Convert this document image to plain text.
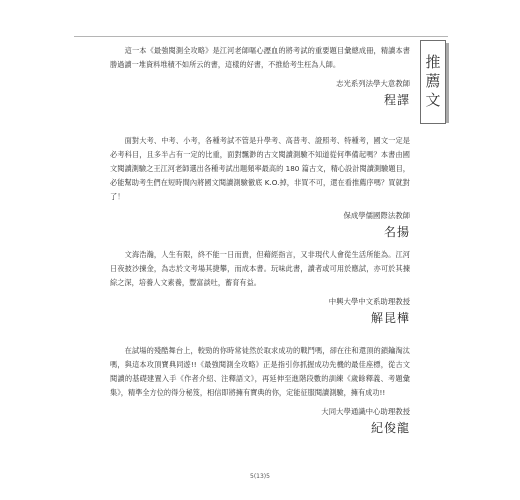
推薦文

　　這一本《最強閱測全攻略》是江河老師嘔心瀝血的將考試的重要題目彙總成冊，精讀本書勝過讀一堆資料堆積不如所云的書，這樣的好書，不推給考生枉為人師。

志光系列法學大意教師
程譯

　　面對大考、中考、小考，各種考試不管是升學考、高普考、證照考、特種考，國文一定是必考科目，且多半占有一定的比重，面對飄渺的古文閱讀測驗不知道從何準備起嗎？本書由國文閱讀測驗之王江河老師選出各種考試出題頻率最高的 180 篇古文，精心設計閱讀測驗題目，必能幫助考生們在短時間內將國文閱讀測驗徹底 K.O.掉，非買不可，還在看推薦序嗎？買就對了！

保成學儒國際法教師
名揚

　　文海浩瀚，人生有限，終不能一日而貴，但藉經指言，又非現代人會從生活所能為。江河日夜披沙揀金，為志於文考場其捷攀，而成本書。玩味此書，讀者或可用於應試，亦可於其揀綜之深，培養人文素養，豐富談吐，蓄育有益。

中興大學中文系助理教授
解昆樺

　　在試場的殘酷舞台上，較勁的你時常徒然於取求成功的戰鬥嗎，卻在往和還頂的鎖鑰淘汰嗎，與這本攻頂寶典同遊!!《最強閱測全攻略》正是指引你抓握成功先機的最佳座標，從古文閱讀的基礎建置入手《作者介紹、注釋語文》，再延伸至進階段數的訓練《歲餘釋義、考題彙集》，精準全方位的得分秘笈，相信即將擁有寶典的你，定能征服閱讀測驗，擁有成功!!

大同大學通識中心助理教授
紀俊龍
5(13)5
